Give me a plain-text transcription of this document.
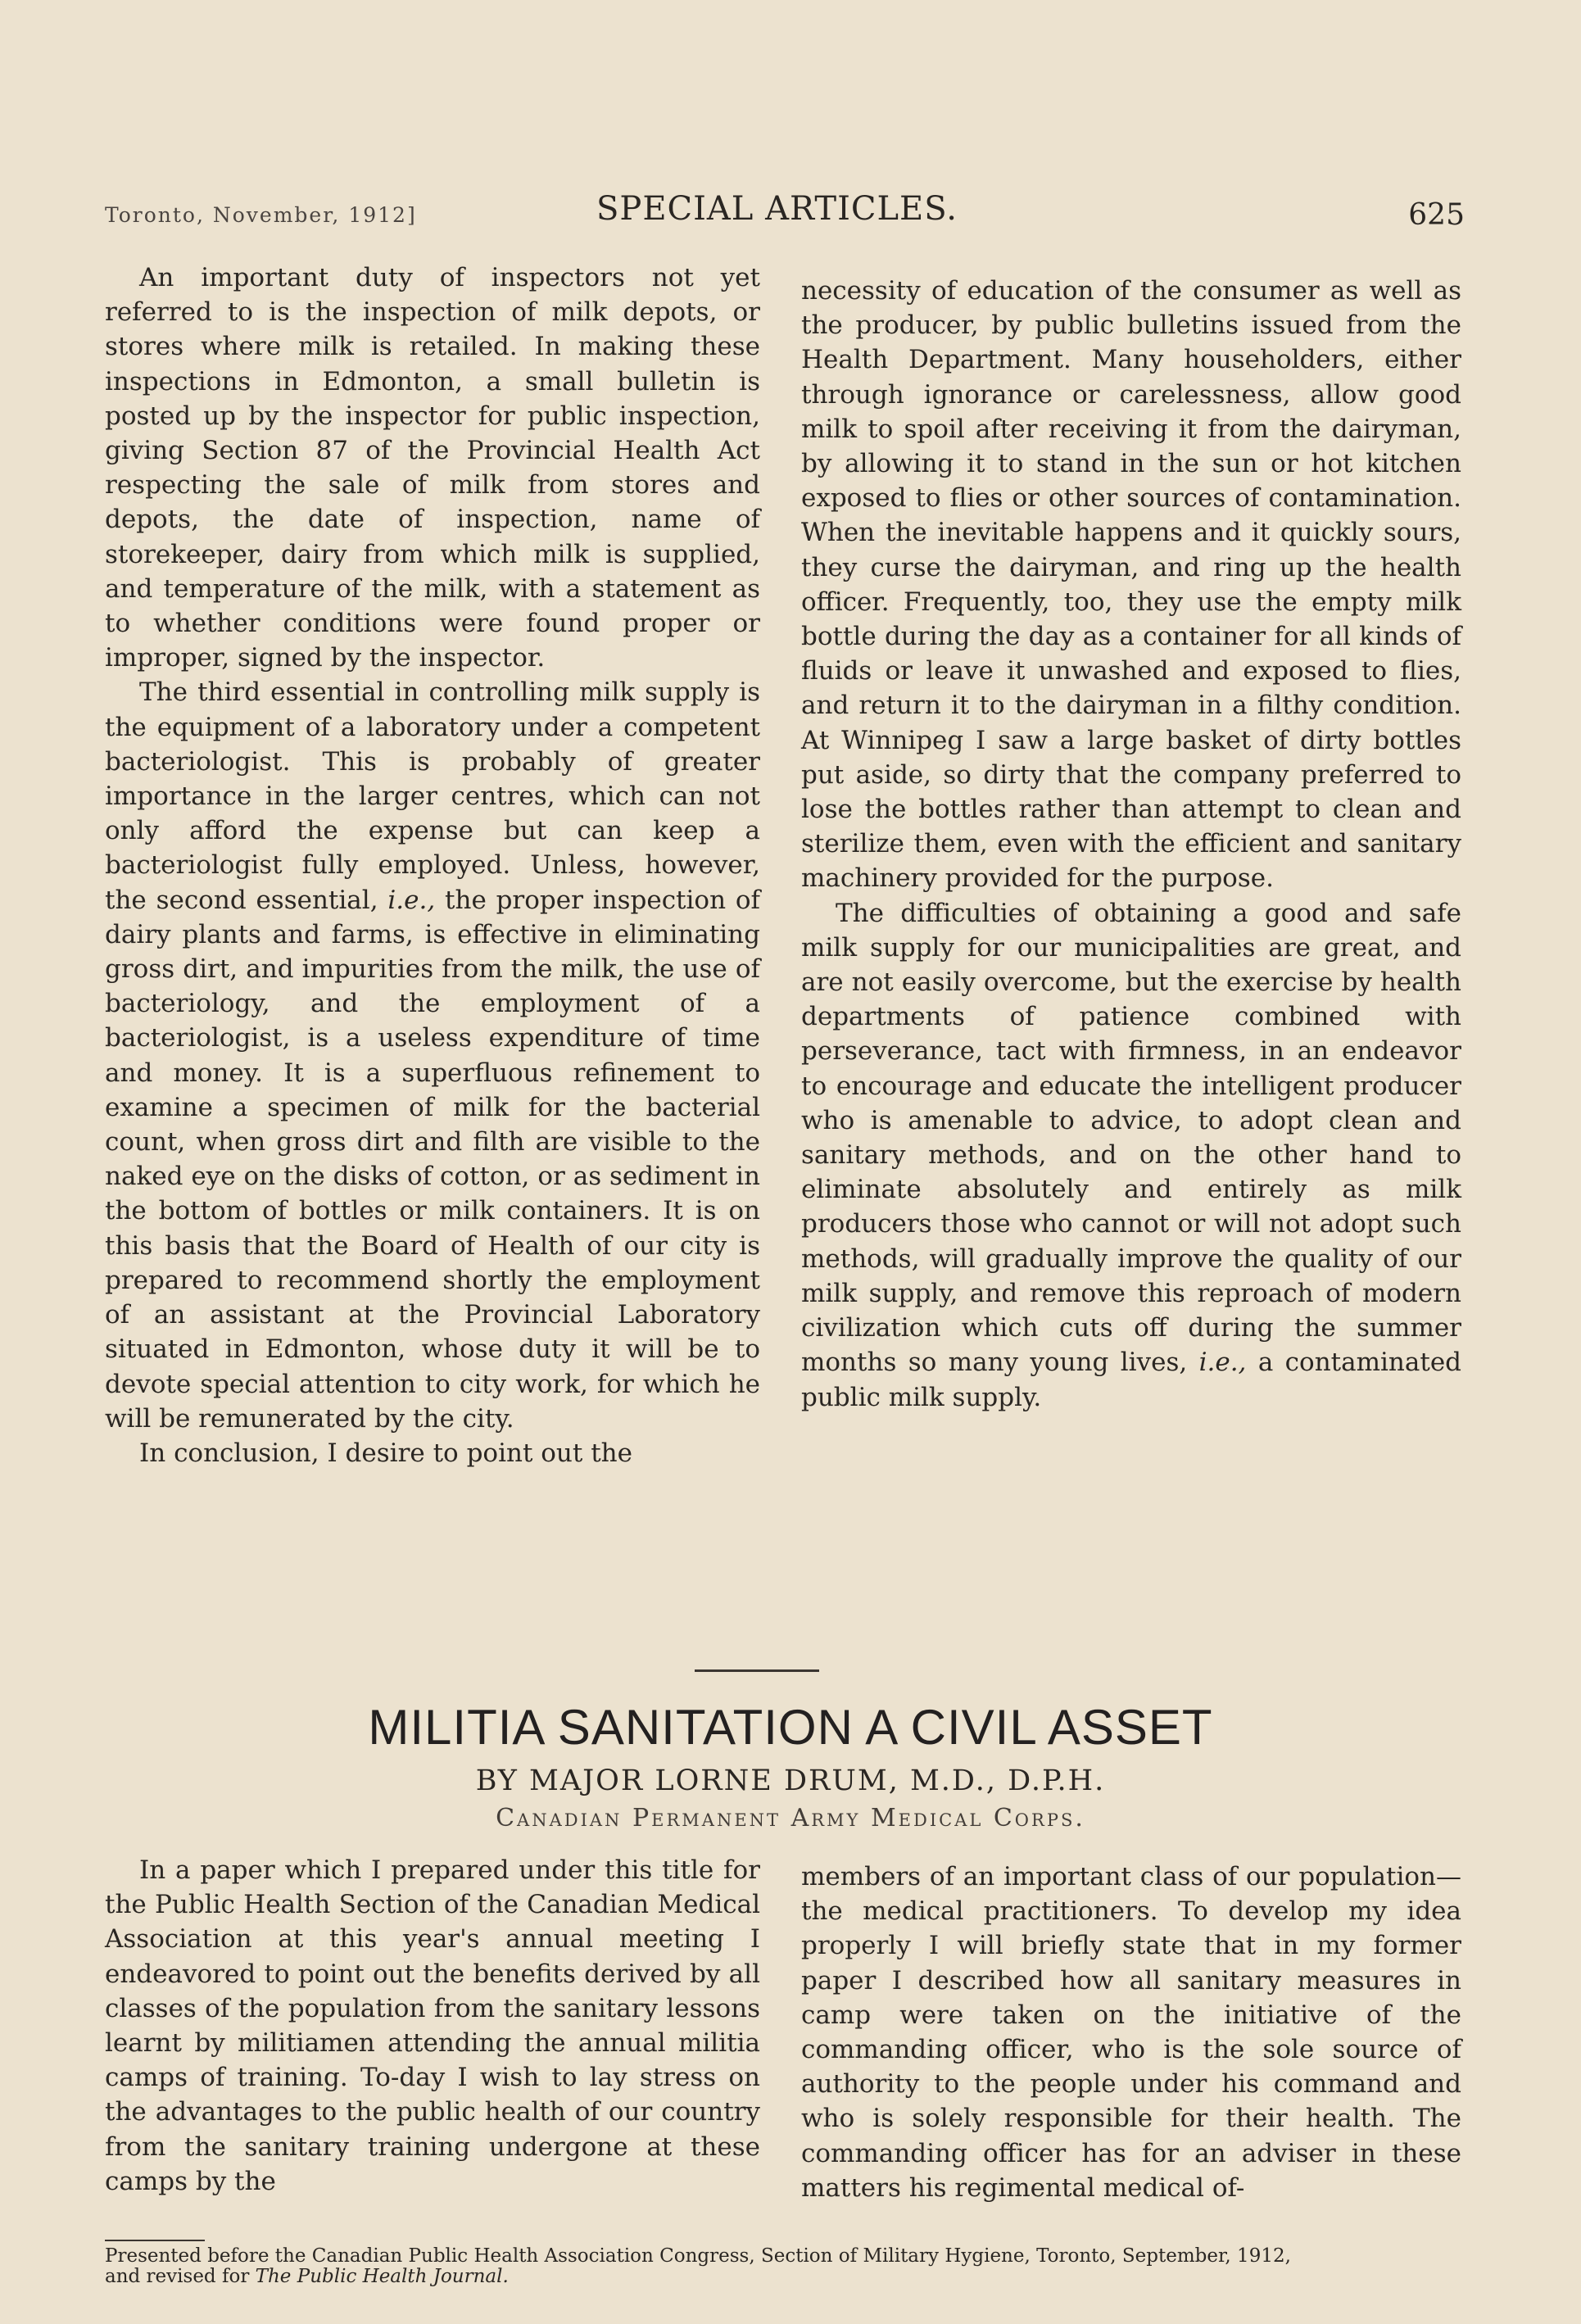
Toronto, November, 1912]	SPECIAL ARTICLES.	625

An important duty of inspectors not yet referred to is the inspection of milk depots, or stores where milk is retailed. In making these inspections in Edmonton, a small bulletin is posted up by the inspector for public inspection, giving Section 87 of the Provincial Health Act respecting the sale of milk from stores and depots, the date of inspection, name of storekeeper, dairy from which milk is supplied, and temperature of the milk, with a statement as to whether conditions were found proper or improper, signed by the inspector.

The third essential in controlling milk supply is the equipment of a laboratory under a competent bacteriologist. This is probably of greater importance in the larger centres, which can not only afford the expense but can keep a bacteriologist fully employed. Unless, however, the second essential, i.e., the proper inspection of dairy plants and farms, is effective in eliminating gross dirt, and impurities from the milk, the use of bacteriology, and the employment of a bacteriologist, is a useless expenditure of time and money. It is a superfluous refinement to examine a specimen of milk for the bacterial count, when gross dirt and filth are visible to the naked eye on the disks of cotton, or as sediment in the bottom of bottles or milk containers. It is on this basis that the Board of Health of our city is prepared to recommend shortly the employment of an assistant at the Provincial Laboratory situated in Edmonton, whose duty it will be to devote special attention to city work, for which he will be remunerated by the city.

In conclusion, I desire to point out the

necessity of education of the consumer as well as the producer, by public bulletins issued from the Health Department. Many householders, either through ignorance or carelessness, allow good milk to spoil after receiving it from the dairyman, by allowing it to stand in the sun or hot kitchen exposed to flies or other sources of contamination. When the inevitable happens and it quickly sours, they curse the dairyman, and ring up the health officer. Frequently, too, they use the empty milk bottle during the day as a container for all kinds of fluids or leave it unwashed and exposed to flies, and return it to the dairyman in a filthy condition. At Winnipeg I saw a large basket of dirty bottles put aside, so dirty that the company preferred to lose the bottles rather than attempt to clean and sterilize them, even with the efficient and sanitary machinery provided for the purpose.

The difficulties of obtaining a good and safe milk supply for our municipalities are great, and are not easily overcome, but the exercise by health departments of patience combined with perseverance, tact with firmness, in an endeavor to encourage and educate the intelligent producer who is amenable to advice, to adopt clean and sanitary methods, and on the other hand to eliminate absolutely and entirely as milk producers those who cannot or will not adopt such methods, will gradually improve the quality of our milk supply, and remove this reproach of modern civilization which cuts off during the summer months so many young lives, i.e., a contaminated public milk supply.

MILITIA SANITATION A CIVIL ASSET
BY MAJOR LORNE DRUM, M.D., D.P.H.
Canadian Permanent Army Medical Corps.

In a paper which I prepared under this title for the Public Health Section of the Canadian Medical Association at this year's annual meeting I endeavored to point out the benefits derived by all classes of the population from the sanitary lessons learnt by militiamen attending the annual militia camps of training. To-day I wish to lay stress on the advantages to the public health of our country from the sanitary training undergone at these camps by the

members of an important class of our population—the medical practitioners. To develop my idea properly I will briefly state that in my former paper I described how all sanitary measures in camp were taken on the initiative of the commanding officer, who is the sole source of authority to the people under his command and who is solely responsible for their health. The commanding officer has for an adviser in these matters his regimental medical of-

Presented before the Canadian Public Health Association Congress, Section of Military Hygiene, Toronto, September, 1912,
and revised for The Public Health Journal.
